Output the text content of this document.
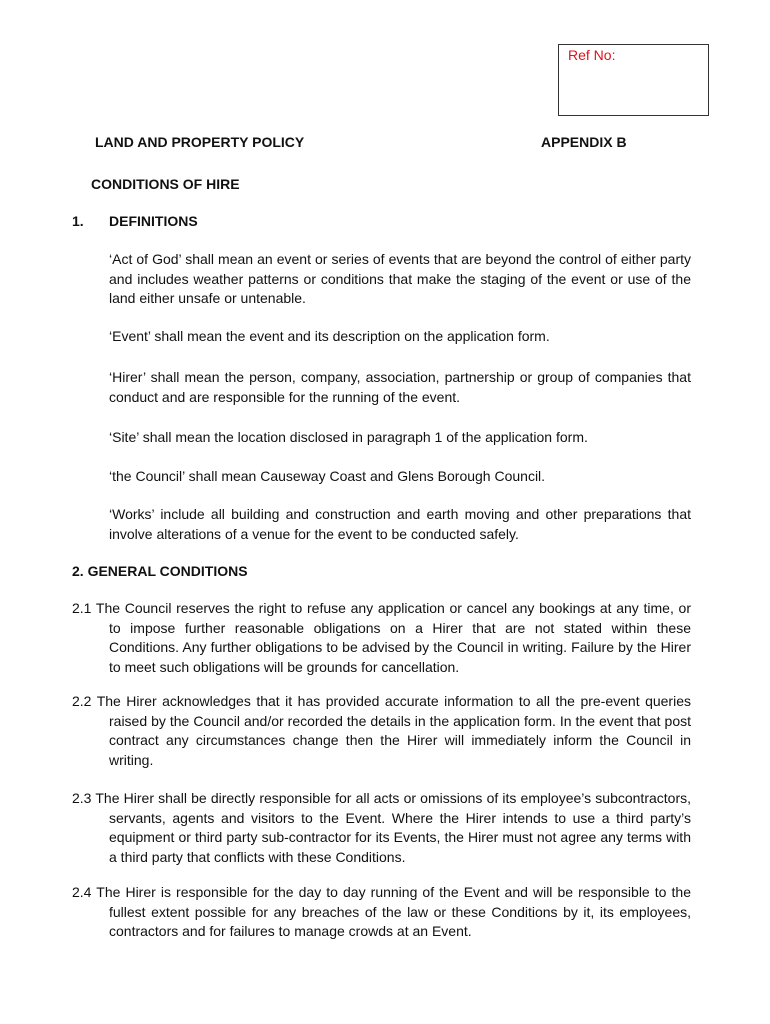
Ref No:
LAND AND PROPERTY POLICY	APPENDIX B
CONDITIONS OF HIRE
1. DEFINITIONS
‘Act of God’ shall mean an event or series of events that are beyond the control of either party and includes weather patterns or conditions that make the staging of the event or use of the land either unsafe or untenable.
‘Event’ shall mean the event and its description on the application form.
‘Hirer’ shall mean the person, company, association, partnership or group of companies that conduct and are responsible for the running of the event.
‘Site’ shall mean the location disclosed in paragraph 1 of the application form.
‘the Council’ shall mean Causeway Coast and Glens Borough Council.
‘Works’ include all building and construction and earth moving and other preparations that involve alterations of a venue for the event to be conducted safely.
2. GENERAL CONDITIONS
2.1 The Council reserves the right to refuse any application or cancel any bookings at any time, or to impose further reasonable obligations on a Hirer that are not stated within these Conditions. Any further obligations to be advised by the Council in writing. Failure by the Hirer to meet such obligations will be grounds for cancellation.
2.2 The Hirer acknowledges that it has provided accurate information to all the pre-event queries raised by the Council and/or recorded the details in the application form. In the event that post contract any circumstances change then the Hirer will immediately inform the Council in writing.
2.3 The Hirer shall be directly responsible for all acts or omissions of its employee’s subcontractors, servants, agents and visitors to the Event. Where the Hirer intends to use a third party’s equipment or third party sub-contractor for its Events, the Hirer must not agree any terms with a third party that conflicts with these Conditions.
2.4 The Hirer is responsible for the day to day running of the Event and will be responsible to the fullest extent possible for any breaches of the law or these Conditions by it, its employees, contractors and for failures to manage crowds at an Event.
